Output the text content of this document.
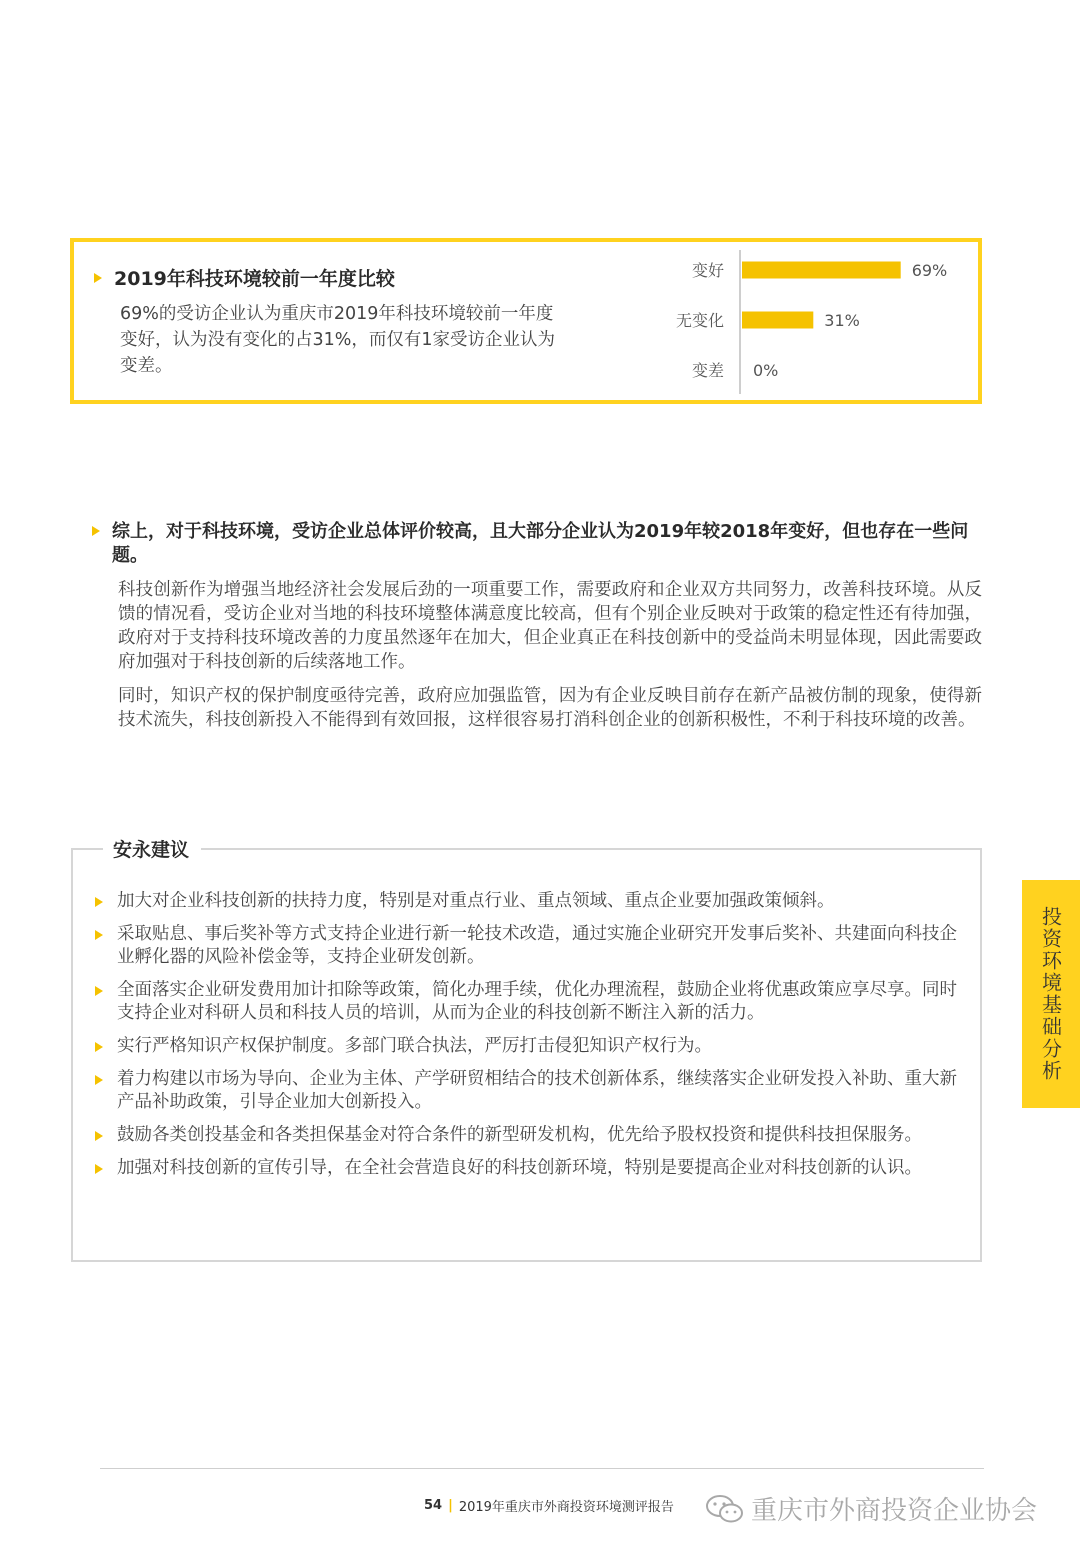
2019年科技环境较前一年度比较
69%的受访企业认为重庆市2019年科技环境较前一年度变好，认为没有变化的占31%，而仅有1家受访企业认为变差。
变好	69%
无变化	31%
变差 0%
综上，对于科技环境，受访企业总体评价较高，且大部分企业认为2019年较2018年变好，但也存在一些问题。
科技创新作为增强当地经济社会发展后劲的一项重要工作，需要政府和企业双方共同努力，改善科技环境。从反馈的情况看，受访企业对当地的科技环境整体满意度比较高，但有个别企业反映对于政策的稳定性还有待加强，政府对于支持科技环境改善的力度虽然逐年在加大，但企业真正在科技创新中的受益尚未明显体现，因此需要政府加强对于科技创新的后续落地工作。
同时，知识产权的保护制度亟待完善，政府应加强监管，因为有企业反映目前存在新产品被仿制的现象，使得新技术流失，科技创新投入不能得到有效回报，这样很容易打消科创企业的创新积极性，不利于科技环境的改善。
安永建议
加大对企业科技创新的扶持力度，特别是对重点行业、重点领域、重点企业要加强政策倾斜。
采取贴息、事后奖补等方式支持企业进行新一轮技术改造，通过实施企业研究开发事后奖补、共建面向科技企业孵化器的风险补偿金等，支持企业研发创新。
全面落实企业研发费用加计扣除等政策，简化办理手续，优化办理流程，鼓励企业将优惠政策应享尽享。同时支持企业对科研人员和科技人员的培训，从而为企业的科技创新不断注入新的活力。
实行严格知识产权保护制度。多部门联合执法，严厉打击侵犯知识产权行为。
着力构建以市场为导向、企业为主体、产学研贸相结合的技术创新体系，继续落实企业研发投入补助、重大新产品补助政策，引导企业加大创新投入。
鼓励各类创投基金和各类担保基金对符合条件的新型研发机构，优先给予股权投资和提供科技担保服务。
加强对科技创新的宣传引导，在全社会营造良好的科技创新环境，特别是要提高企业对科技创新的认识。
投资环境基础分析
54 | 2019年重庆市外商投资环境测评报告	重庆市外商投资企业协会
